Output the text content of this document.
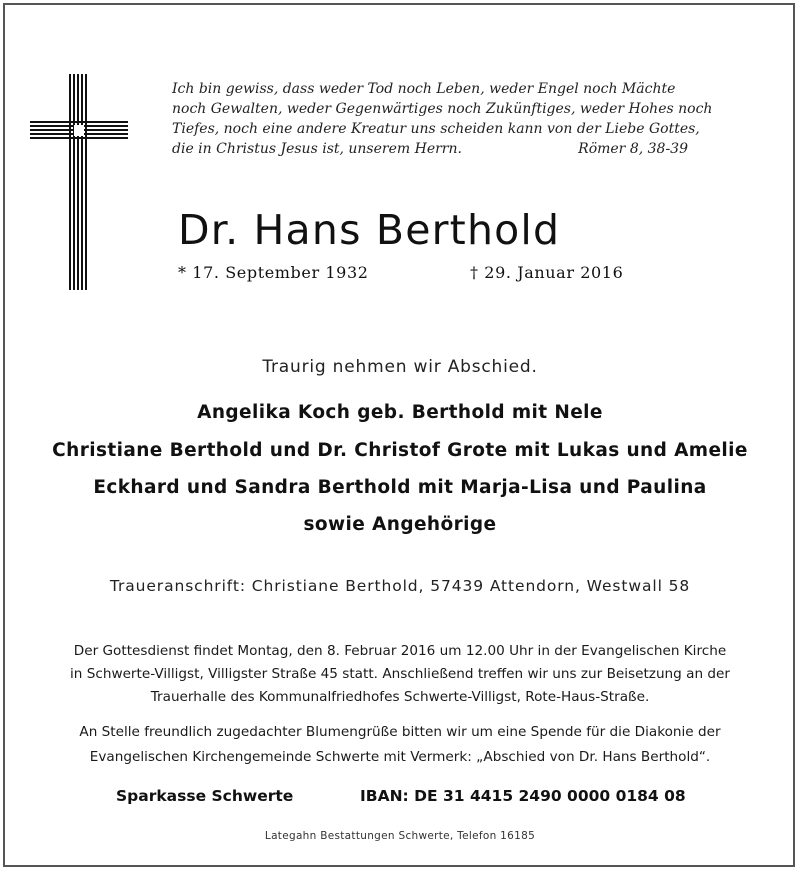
Ich bin gewiss, dass weder Tod noch Leben, weder Engel noch Mächte
noch Gewalten, weder Gegenwärtiges noch Zukünftiges, weder Hohes noch
Tiefes, noch eine andere Kreatur uns scheiden kann von der Liebe Gottes,
die in Christus Jesus ist, unserem Herrn.	Römer 8, 38-39
Dr. Hans Berthold
* 17. September 1932	† 29. Januar 2016
Traurig nehmen wir Abschied.
Angelika Koch geb. Berthold mit Nele
Christiane Berthold und Dr. Christof Grote mit Lukas und Amelie
Eckhard und Sandra Berthold mit Marja-Lisa und Paulina
sowie Angehörige
Traueranschrift: Christiane Berthold, 57439 Attendorn, Westwall 58
Der Gottesdienst findet Montag, den 8. Februar 2016 um 12.00 Uhr in der Evangelischen Kirche
in Schwerte-Villigst, Villigster Straße 45 statt. Anschließend treffen wir uns zur Beisetzung an der
Trauerhalle des Kommunalfriedhofes Schwerte-Villigst, Rote-Haus-Straße.
An Stelle freundlich zugedachter Blumengrüße bitten wir um eine Spende für die Diakonie der
Evangelischen Kirchengemeinde Schwerte mit Vermerk: „Abschied von Dr. Hans Berthold“.
Sparkasse Schwerte	IBAN: DE 31 4415 2490 0000 0184 08
Lategahn Bestattungen Schwerte, Telefon 16185
